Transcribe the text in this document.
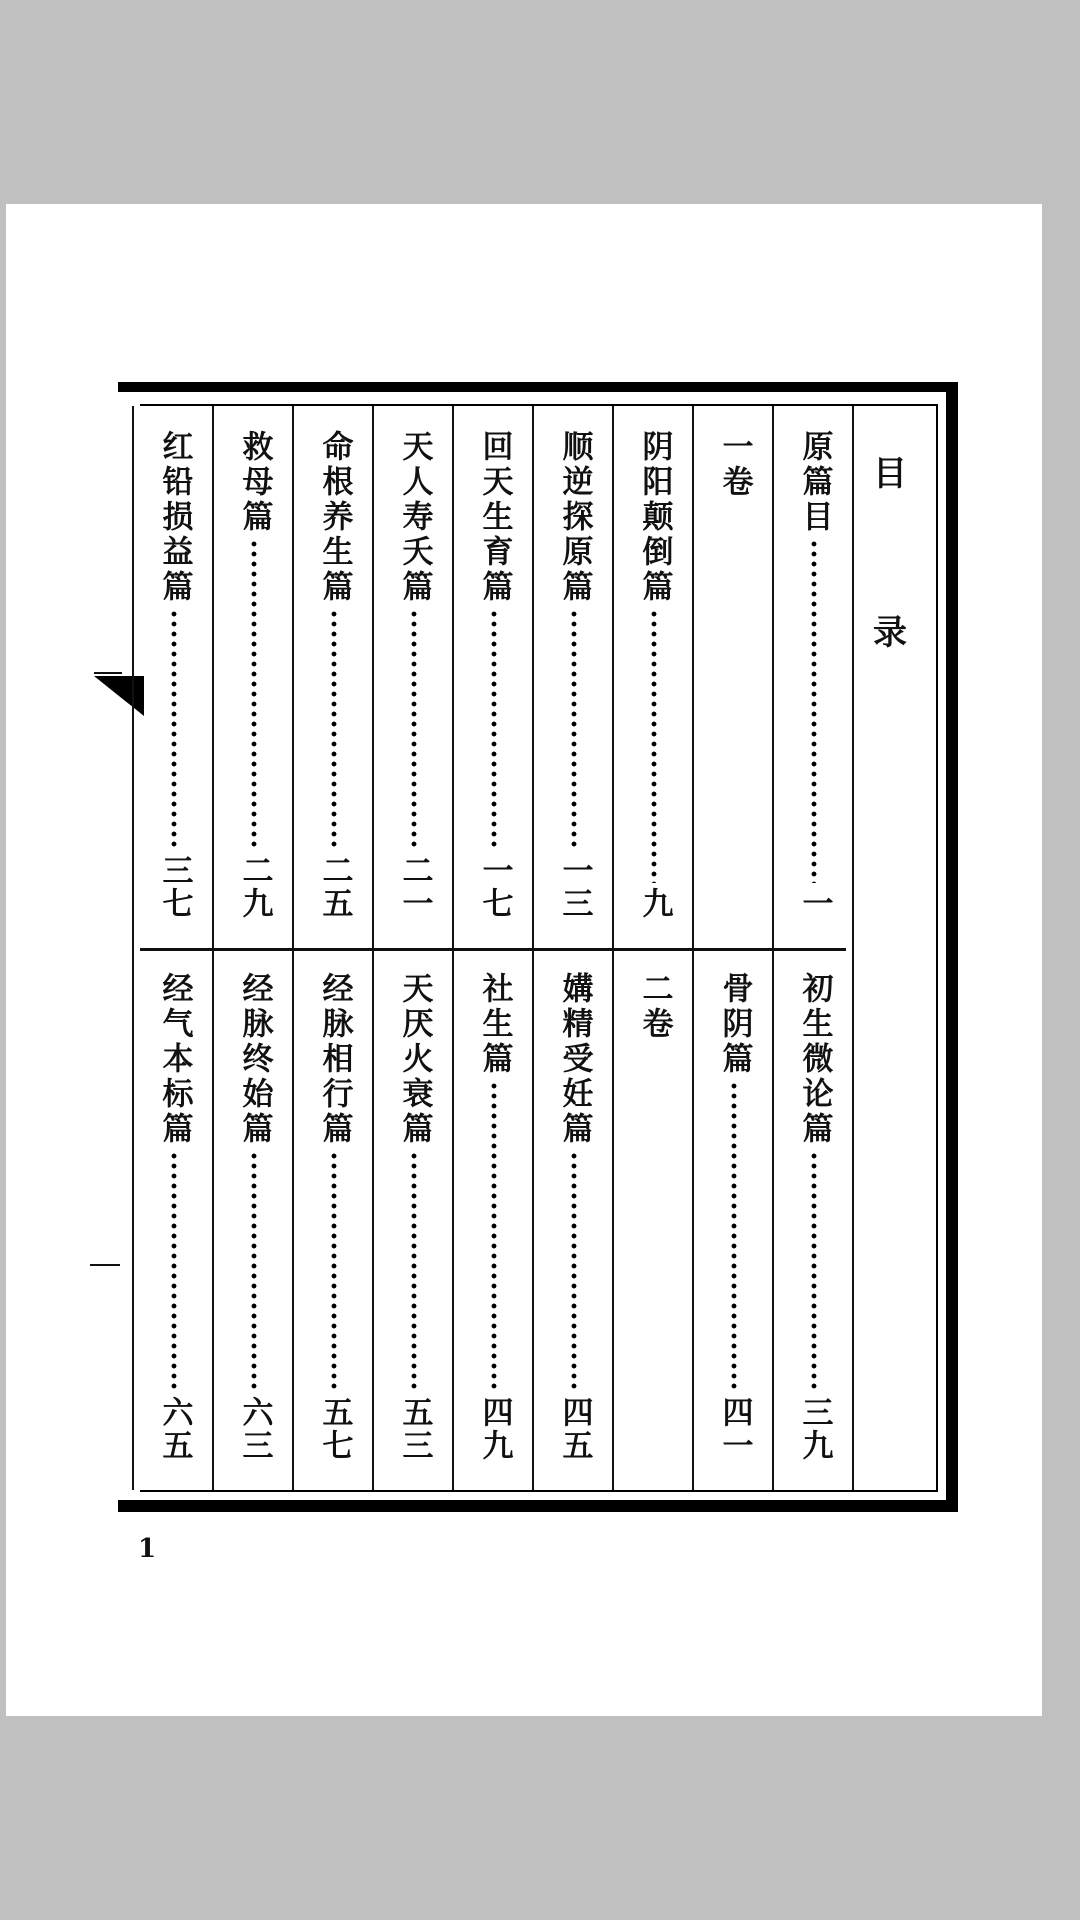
目
录
原篇目
一
一卷
阴阳颠倒篇
九
顺逆探原篇
一三
回天生育篇
一七
天人寿夭篇
二一
命根养生篇
二五
救母篇
二九
红铅损益篇
三七
初生微论篇
三九
骨阴篇
四一
二卷
媾精受妊篇
四五
社生篇
四九
天厌火衰篇
五三
经脉相行篇
五七
经脉终始篇
六三
经气本标篇
六五
1
